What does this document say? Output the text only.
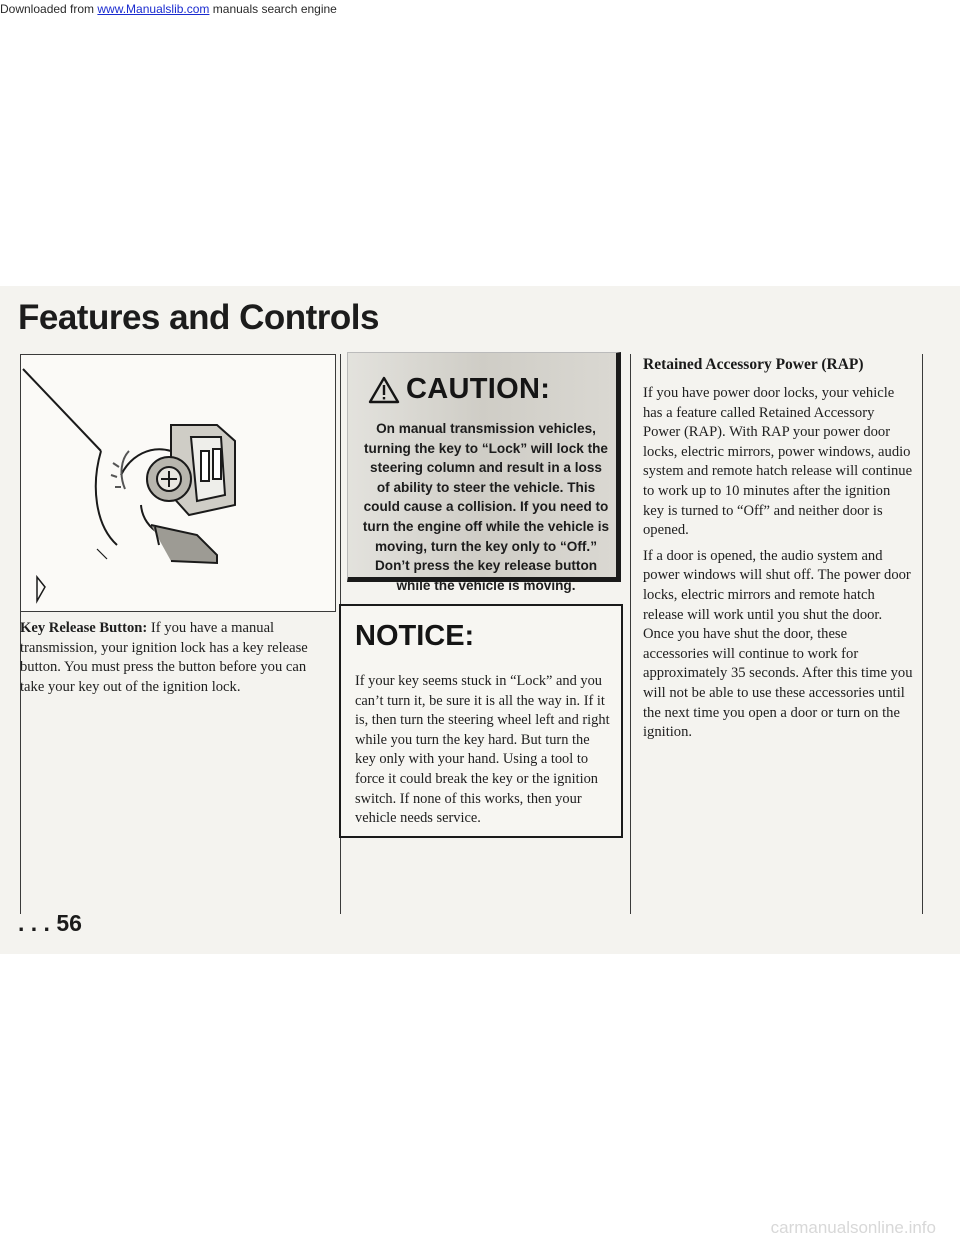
Downloaded from www.Manualslib.com manuals search engine
Features and Controls

Key Release Button: If you have a manual transmission, your ignition lock has a key release button. You must press the button before you can take your key out of the ignition lock.

CAUTION:
On manual transmission vehicles, turning the key to “Lock” will lock the steering column and result in a loss of ability to steer the vehicle. This could cause a collision. If you need to turn the engine off while the vehicle is moving, turn the key only to “Off.” Don’t press the key release button while the vehicle is moving.
NOTICE:
If your key seems stuck in “Lock” and you can’t turn it, be sure it is all the way in. If it is, then turn the steering wheel left and right while you turn the key hard. But turn the key only with your hand. Using a tool to force it could break the key or the ignition switch. If none of this works, then your vehicle needs service.
Retained Accessory Power (RAP)

If you have power door locks, your vehicle has a feature called Retained Accessory Power (RAP). With RAP your power door locks, electric mirrors, power windows, audio system and remote hatch release will continue to work up to 10 minutes after the ignition key is turned to “Off” and neither door is opened.

If a door is opened, the audio system and power windows will shut off. The power door locks, electric mirrors and remote hatch release will work until you shut the door. Once you have shut the door, these accessories will continue to work for approximately 35 seconds. After this time you will not be able to use these accessories until the next time you open a door or turn on the ignition.

. . . 56
carmanualsonline.info
